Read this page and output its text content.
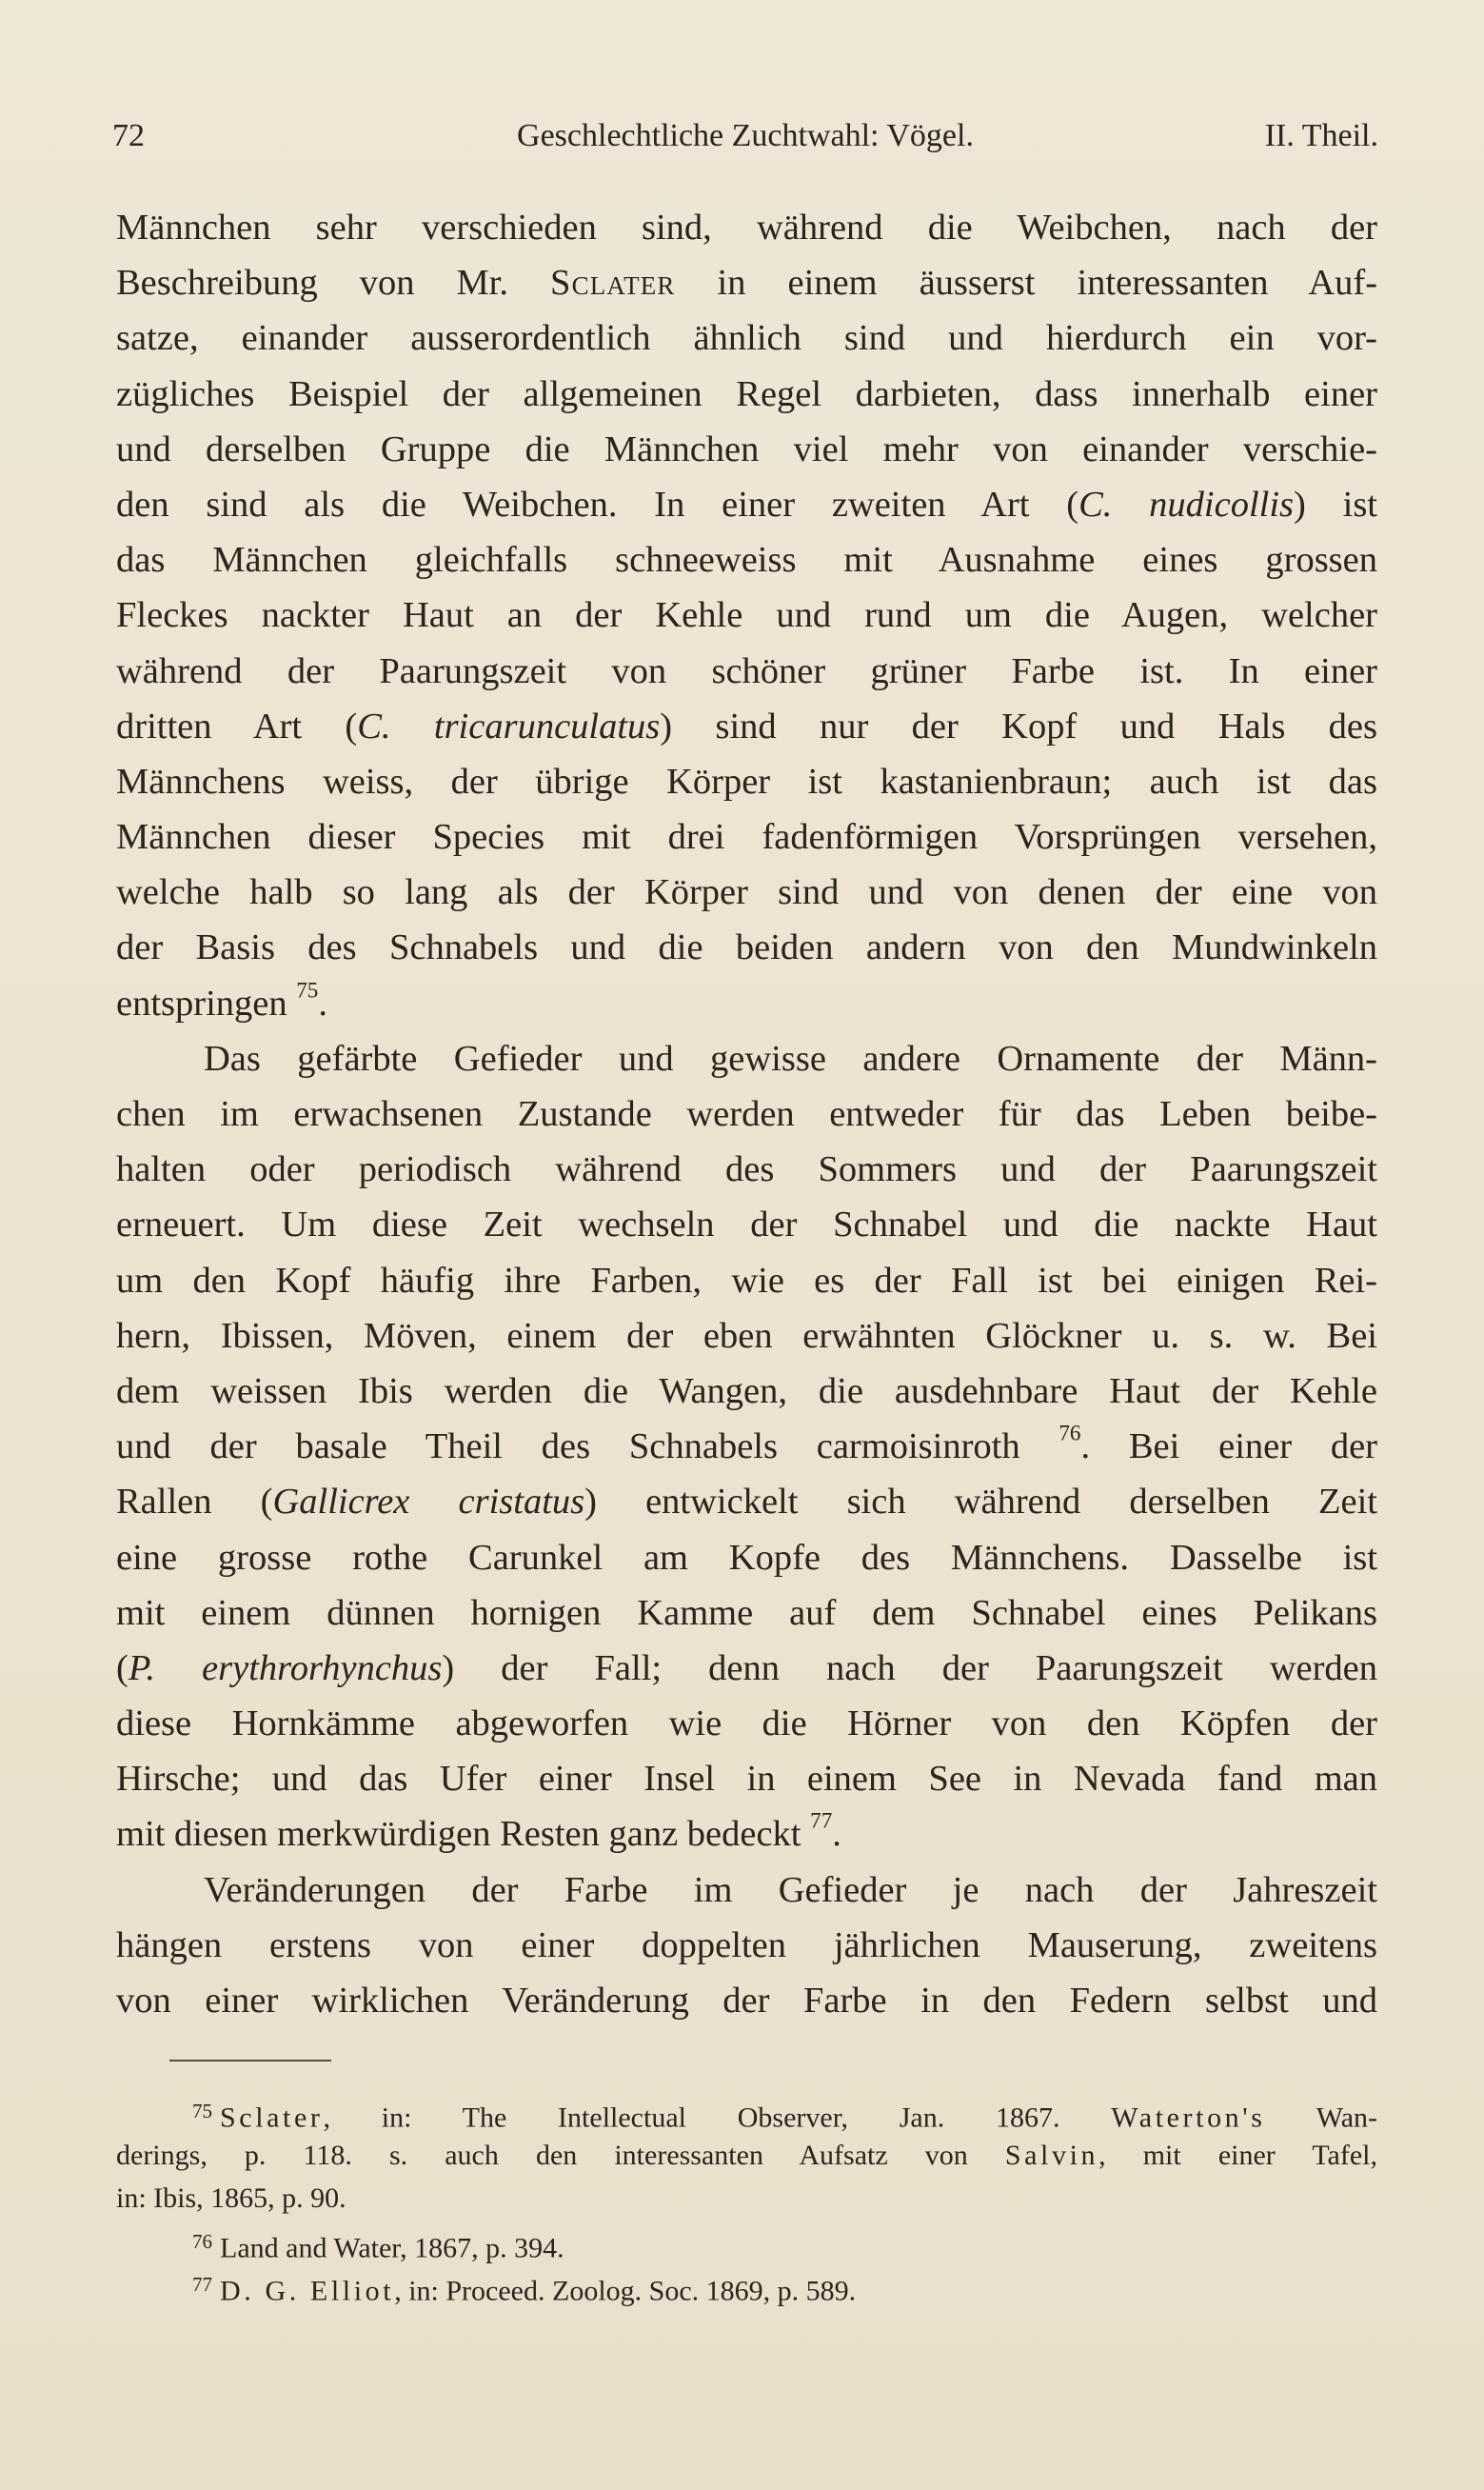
72	Geschlechtliche Zuchtwahl: Vögel.	II. Theil.
Männchen sehr verschieden sind, während die Weibchen, nach der
Beschreibung von Mr. Sclater in einem äusserst interessanten Auf-
satze, einander ausserordentlich ähnlich sind und hierdurch ein vor-
zügliches Beispiel der allgemeinen Regel darbieten, dass innerhalb einer
und derselben Gruppe die Männchen viel mehr von einander verschie-
den sind als die Weibchen. In einer zweiten Art (C. nudicollis) ist
das Männchen gleichfalls schneeweiss mit Ausnahme eines grossen
Fleckes nackter Haut an der Kehle und rund um die Augen, welcher
während der Paarungszeit von schöner grüner Farbe ist. In einer
dritten Art (C. tricarunculatus) sind nur der Kopf und Hals des
Männchens weiss, der übrige Körper ist kastanienbraun; auch ist das
Männchen dieser Species mit drei fadenförmigen Vorsprüngen versehen,
welche halb so lang als der Körper sind und von denen der eine von
der Basis des Schnabels und die beiden andern von den Mundwinkeln
entspringen $^{75}$.
Das gefärbte Gefieder und gewisse andere Ornamente der Männ-
chen im erwachsenen Zustande werden entweder für das Leben beibe-
halten oder periodisch während des Sommers und der Paarungszeit
erneuert. Um diese Zeit wechseln der Schnabel und die nackte Haut
um den Kopf häufig ihre Farben, wie es der Fall ist bei einigen Rei-
hern, Ibissen, Möven, einem der eben erwähnten Glöckner u. s. w. Bei
dem weissen Ibis werden die Wangen, die ausdehnbare Haut der Kehle
und der basale Theil des Schnabels carmoisinroth $^{76}$. Bei einer der
Rallen (Gallicrex cristatus) entwickelt sich während derselben Zeit
eine grosse rothe Carunkel am Kopfe des Männchens. Dasselbe ist
mit einem dünnen hornigen Kamme auf dem Schnabel eines Pelikans
(P. erythrorhynchus) der Fall; denn nach der Paarungszeit werden
diese Hornkämme abgeworfen wie die Hörner von den Köpfen der
Hirsche; und das Ufer einer Insel in einem See in Nevada fand man
mit diesen merkwürdigen Resten ganz bedeckt $^{77}$.
Veränderungen der Farbe im Gefieder je nach der Jahreszeit
hängen erstens von einer doppelten jährlichen Mauserung, zweitens
von einer wirklichen Veränderung der Farbe in den Federn selbst und
$^{75}$ Sclater, in: The Intellectual Observer, Jan. 1867. Waterton's Wan-
derings, p. 118. s. auch den interessanten Aufsatz von Salvin, mit einer Tafel,
in: Ibis, 1865, p. 90.
$^{76}$ Land and Water, 1867, p. 394.
$^{77}$ D. G. Elliot, in: Proceed. Zoolog. Soc. 1869, p. 589.
